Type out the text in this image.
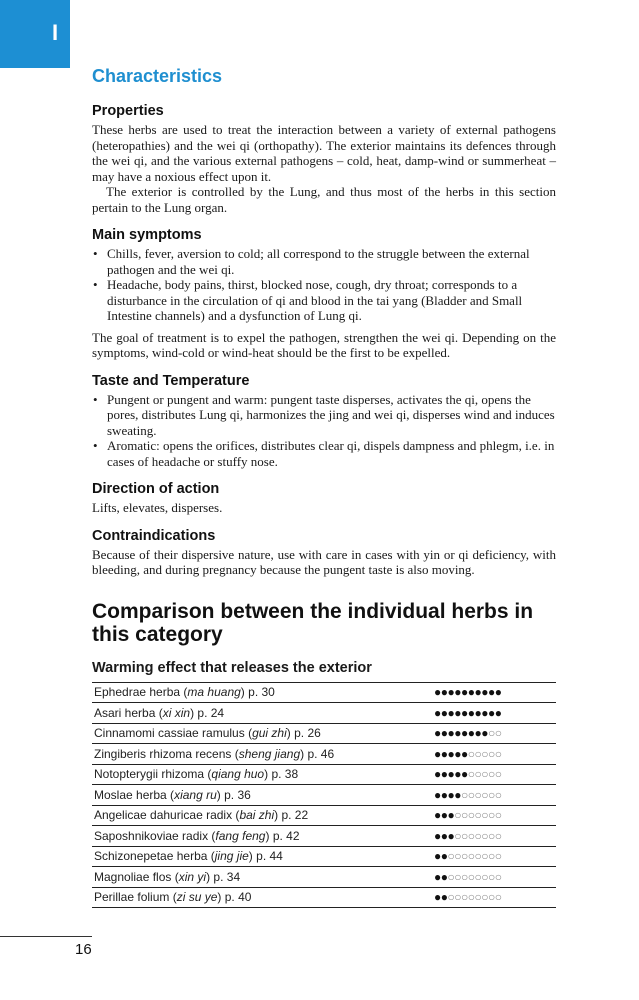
I
Characteristics
Properties

These herbs are used to treat the interaction between a variety of external pathogens (heteropathies) and the wei qi (orthopathy). The exterior maintains its defences through the wei qi, and the various external pathogens – cold, heat, damp-wind or summerheat – may have a noxious effect upon it.

The exterior is controlled by the Lung, and thus most of the herbs in this section pertain to the Lung organ.

Main symptoms
• Chills, fever, aversion to cold; all correspond to the struggle between the external pathogen and the wei qi.
• Headache, body pains, thirst, blocked nose, cough, dry throat; corresponds to a disturbance in the circulation of qi and blood in the tai yang (Bladder and Small Intestine channels) and a dysfunction of Lung qi.

The goal of treatment is to expel the pathogen, strengthen the wei qi. Depending on the symptoms, wind-cold or wind-heat should be the first to be expelled.

Taste and Temperature
• Pungent or pungent and warm: pungent taste disperses, activates the qi, opens the pores, distributes Lung qi, harmonizes the jing and wei qi, disperses wind and induces sweating.
• Aromatic: opens the orifices, distributes clear qi, dispels dampness and phlegm, i.e. in cases of headache or stuffy nose.
Direction of action

Lifts, elevates, disperses.

Contraindications

Because of their dispersive nature, use with care in cases with yin or qi deficiency, with bleeding, and during pregnancy because the pungent taste is also moving.

Comparison between the individual herbs in this category
Warming effect that releases the exterior
Ephedrae herba (ma huang) p. 30	●●●●●●●●●●
Asari herba (xi xin) p. 24	●●●●●●●●●●
Cinnamomi cassiae ramulus (gui zhi) p. 26	●●●●●●●●○○
Zingiberis rhizoma recens (sheng jiang) p. 46	●●●●●○○○○○
Notopterygii rhizoma (qiang huo) p. 38	●●●●●○○○○○
Moslae herba (xiang ru) p. 36	●●●●○○○○○○
Angelicae dahuricae radix (bai zhi) p. 22	●●●○○○○○○○
Saposhnikoviae radix (fang feng) p. 42	●●●○○○○○○○
Schizonepetae herba (jing jie) p. 44	●●○○○○○○○○
Magnoliae flos (xin yi) p. 34	●●○○○○○○○○
Perillae folium (zi su ye) p. 40	●●○○○○○○○○
16
